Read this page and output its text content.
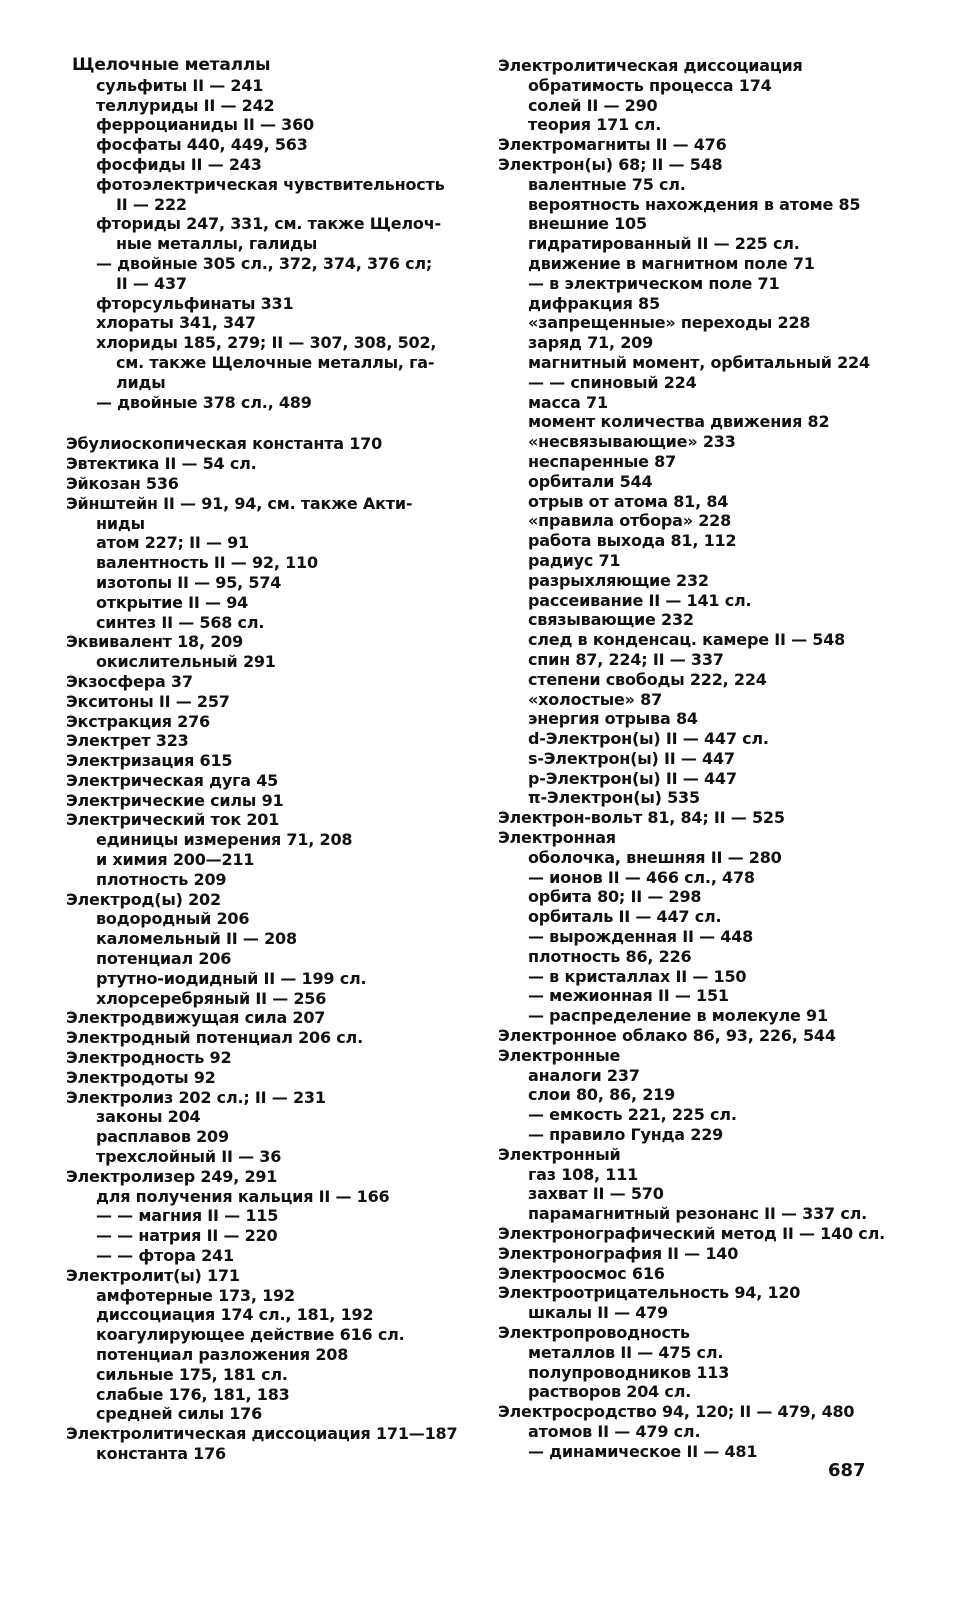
Щелочные металлы
сульфиты II — 241
теллуриды II — 242
ферроцианиды II — 360
фосфаты 440, 449, 563
фосфиды II — 243
фотоэлектрическая чувствительность
II — 222
фториды 247, 331, см. также Щелоч-
ные металлы, галиды
— двойные 305 сл., 372, 374, 376 сл;
II — 437
фторсульфинаты 331
хлораты 341, 347
хлориды 185, 279; II — 307, 308, 502,
см. также Щелочные металлы, га-
лиды
— двойные 378 сл., 489
Эбулиоскопическая константа 170
Эвтектика II — 54 сл.
Эйкозан 536
Эйнштейн II — 91, 94, см. также Акти-
ниды
атом 227; II — 91
валентность II — 92, 110
изотопы II — 95, 574
открытие II — 94
синтез II — 568 сл.
Эквивалент 18, 209
окислительный 291
Экзосфера 37
Экситоны II — 257
Экстракция 276
Электрет 323
Электризация 615
Электрическая дуга 45
Электрические силы 91
Электрический ток 201
единицы измерения 71, 208
и химия 200—211
плотность 209
Электрод(ы) 202
водородный 206
каломельный II — 208
потенциал 206
ртутно-иодидный II — 199 сл.
хлорсеребряный II — 256
Электродвижущая сила 207
Электродный потенциал 206 сл.
Электродность 92
Электродоты 92
Электролиз 202 сл.; II — 231
законы 204
расплавов 209
трехслойный II — 36
Электролизер 249, 291
для получения кальция II — 166
— — магния II — 115
— — натрия II — 220
— — фтора 241
Электролит(ы) 171
амфотерные 173, 192
диссоциация 174 сл., 181, 192
коагулирующее действие 616 сл.
потенциал разложения 208
сильные 175, 181 сл.
слабые 176, 181, 183
средней силы 176
Электролитическая диссоциация 171—187
константа 176
Электролитическая диссоциация
обратимость процесса 174
солей II — 290
теория 171 сл.
Электромагниты II — 476
Электрон(ы) 68; II — 548
валентные 75 сл.
вероятность нахождения в атоме 85
внешние 105
гидратированный II — 225 сл.
движение в магнитном поле 71
— в электрическом поле 71
дифракция 85
«запрещенные» переходы 228
заряд 71, 209
магнитный момент, орбитальный 224
— — спиновый 224
масса 71
момент количества движения 82
«несвязывающие» 233
неспаренные 87
орбитали 544
отрыв от атома 81, 84
«правила отбора» 228
работа выхода 81, 112
радиус 71
разрыхляющие 232
рассеивание II — 141 сл.
связывающие 232
след в конденсац. камере II — 548
спин 87, 224; II — 337
степени свободы 222, 224
«холостые» 87
энергия отрыва 84
d-Электрон(ы) II — 447 сл.
s-Электрон(ы) II — 447
p-Электрон(ы) II — 447
π-Электрон(ы) 535
Электрон-вольт 81, 84; II — 525
Электронная
оболочка, внешняя II — 280
— ионов II — 466 сл., 478
орбита 80; II — 298
орбиталь II — 447 сл.
— вырожденная II — 448
плотность 86, 226
— в кристаллах II — 150
— межионная II — 151
— распределение в молекуле 91
Электронное облако 86, 93, 226, 544
Электронные
аналоги 237
слои 80, 86, 219
— емкость 221, 225 сл.
— правило Гунда 229
Электронный
газ 108, 111
захват II — 570
парамагнитный резонанс II — 337 сл.
Электронографический метод II — 140 сл.
Электронография II — 140
Электроосмос 616
Электроотрицательность 94, 120
шкалы II — 479
Электропроводность
металлов II — 475 сл.
полупроводников 113
растворов 204 сл.
Электросродство 94, 120; II — 479, 480
атомов II — 479 сл.
— динамическое II — 481
687
